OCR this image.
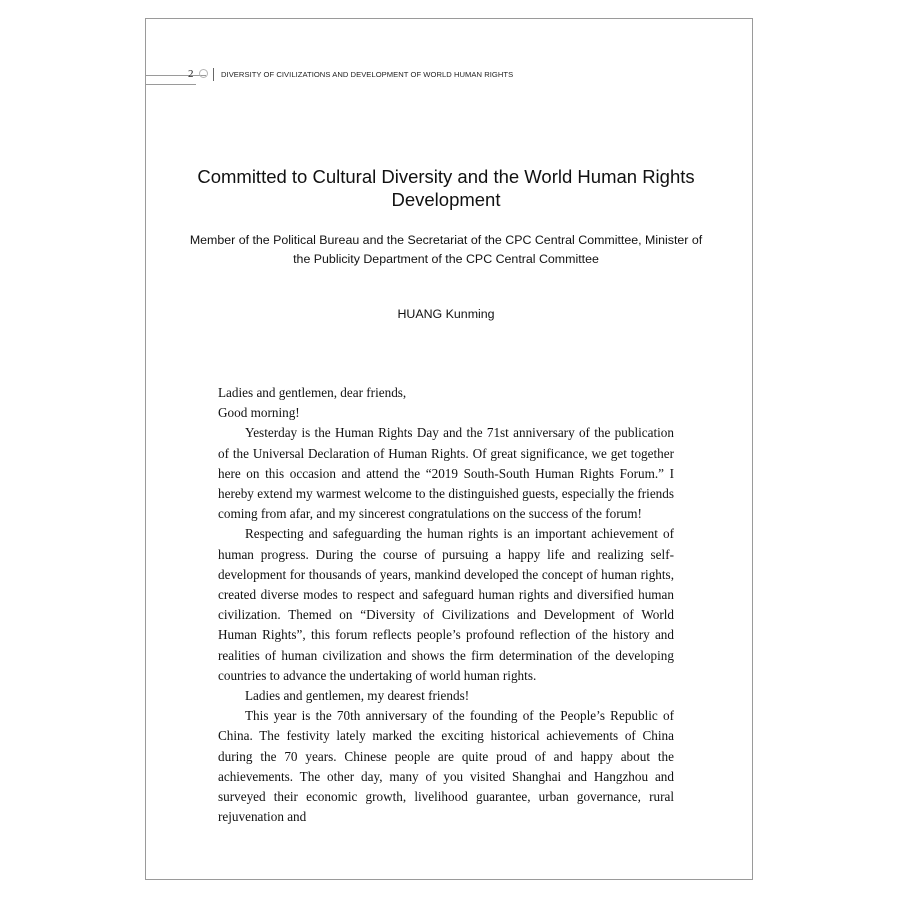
2	DIVERSITY OF CIVILIZATIONS AND DEVELOPMENT OF WORLD HUMAN RIGHTS
Committed to Cultural Diversity and the World Human Rights Development
Member of the Political Bureau and the Secretariat of the CPC Central Committee, Minister of the Publicity Department of the CPC Central Committee
HUANG Kunming

Ladies and gentlemen, dear friends,

Good morning!

Yesterday is the Human Rights Day and the 71st anniversary of the publication of the Universal Declaration of Human Rights. Of great significance, we get together here on this occasion and attend the “2019 South-South Human Rights Forum.” I hereby extend my warmest welcome to the distinguished guests, especially the friends coming from afar, and my sincerest congratulations on the success of the forum!

Respecting and safeguarding the human rights is an important achievement of human progress. During the course of pursuing a happy life and realizing self-development for thousands of years, mankind developed the concept of human rights, created diverse modes to respect and safeguard human rights and diversified human civilization. Themed on “Diversity of Civilizations and Development of World Human Rights”, this forum reflects people’s profound reflection of the history and realities of human civilization and shows the firm determination of the developing countries to advance the undertaking of world human rights.

Ladies and gentlemen, my dearest friends!

This year is the 70th anniversary of the founding of the People’s Republic of China. The festivity lately marked the exciting historical achievements of China during the 70 years. Chinese people are quite proud of and happy about the achievements. The other day, many of you visited Shanghai and Hangzhou and surveyed their economic growth, livelihood guarantee, urban governance, rural rejuvenation and
